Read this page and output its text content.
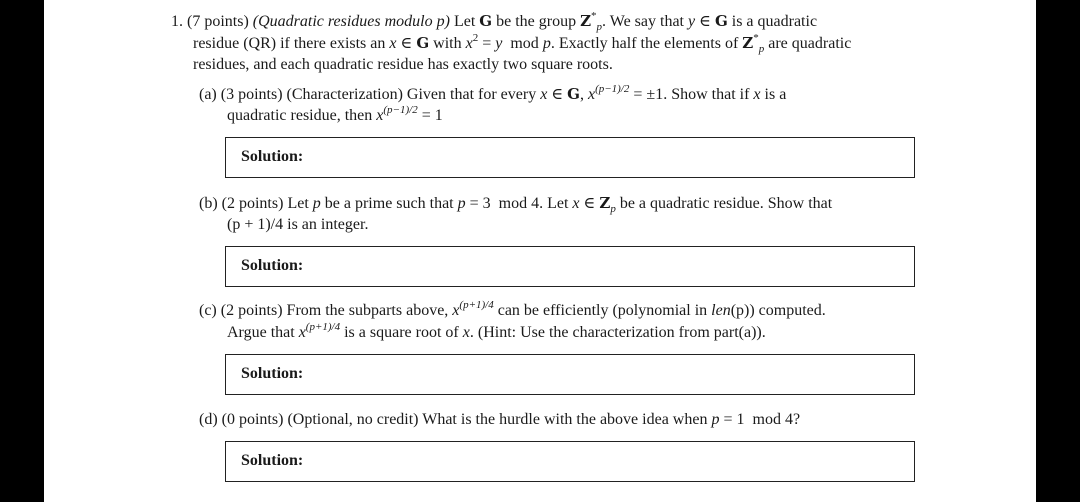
1. (7 points) (Quadratic residues modulo p) Let G be the group $Z^*_p$. We say that y ∈ G is a quadratic
residue (QR) if there exists an x ∈ G with $x^2 = y$ mod p. Exactly half the elements of $Z^*_p$ are quadratic
residues, and each quadratic residue has exactly two square roots.
(a) (3 points) (Characterization) Given that for every x ∈ G, $x^{(p-1)/2} = \pm 1$. Show that if x is a
quadratic residue, then $x^{(p-1)/2} = 1$
Solution:
(b) (2 points) Let p be a prime such that p = 3 mod 4. Let x ∈ $Z_p$ be a quadratic residue. Show that
(p + 1)/4 is an integer.
Solution:
(c) (2 points) From the subparts above, $x^{(p+1)/4}$ can be efficiently (polynomial in len(p)) computed.
Argue that $x^{(p+1)/4}$ is a square root of x. (Hint: Use the characterization from part(a)).
Solution:
(d) (0 points) (Optional, no credit) What is the hurdle with the above idea when p = 1 mod 4?
Solution:
